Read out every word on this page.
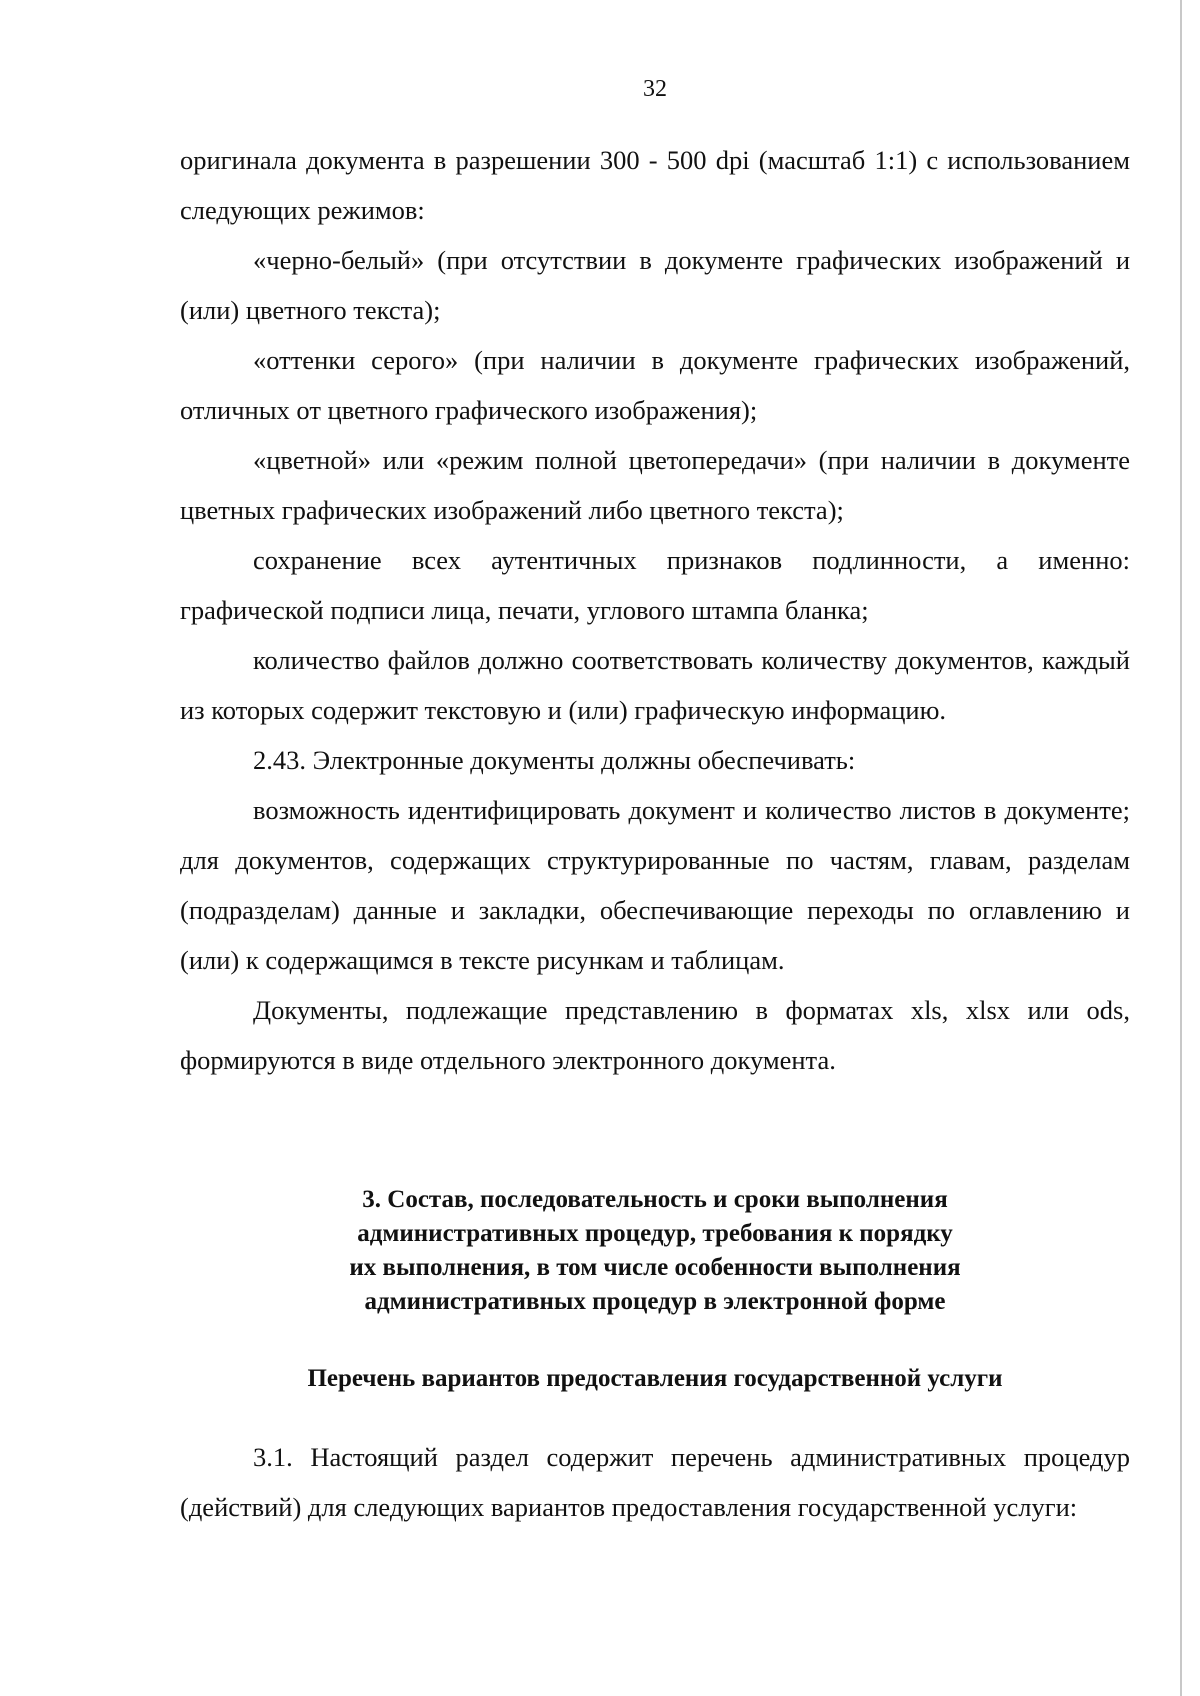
32

оригинала документа в разрешении 300 - 500 dpi (масштаб 1:1) с использованием следующих режимов:

«черно-белый» (при отсутствии в документе графических изображений и (или) цветного текста);

«оттенки серого» (при наличии в документе графических изображений, отличных от цветного графического изображения);

«цветной» или «режим полной цветопередачи» (при наличии в документе цветных графических изображений либо цветного текста);

сохранение всех аутентичных признаков подлинности, а именно: графической подписи лица, печати, углового штампа бланка;

количество файлов должно соответствовать количеству документов, каждый из которых содержит текстовую и (или) графическую информацию.

2.43. Электронные документы должны обеспечивать:

возможность идентифицировать документ и количество листов в документе; для документов, содержащих структурированные по частям, главам, разделам (подразделам) данные и закладки, обеспечивающие переходы по оглавлению и (или) к содержащимся в тексте рисункам и таблицам.

Документы, подлежащие представлению в форматах xls, xlsx или ods, формируются в виде отдельного электронного документа.

3. Состав, последовательность и сроки выполнения
административных процедур, требования к порядку
их выполнения, в том числе особенности выполнения
административных процедур в электронной форме
Перечень вариантов предоставления государственной услуги

3.1. Настоящий раздел содержит перечень административных процедур (действий) для следующих вариантов предоставления государственной услуги:
